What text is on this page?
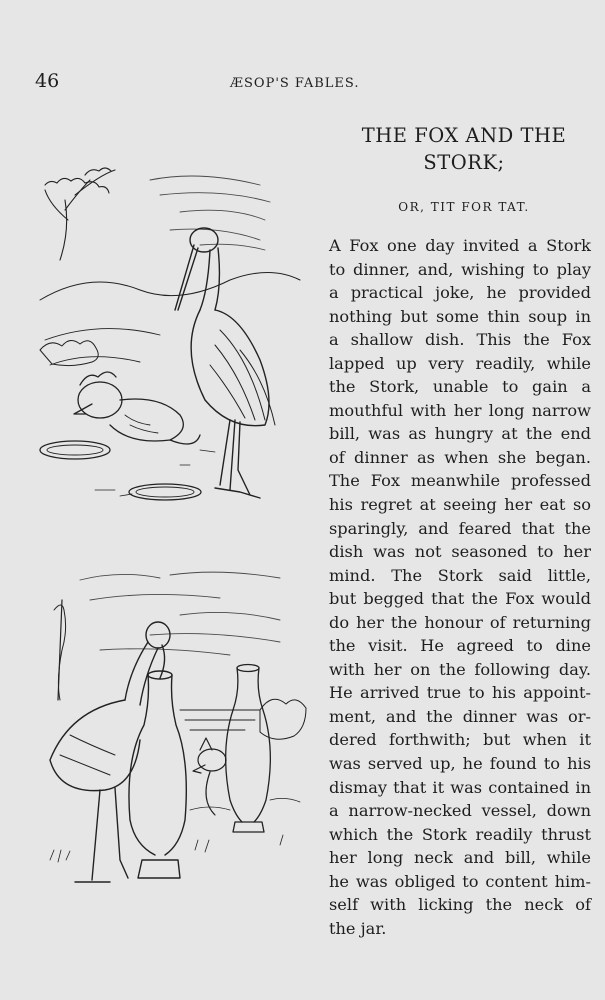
46	ÆSOP'S FABLES.
THE FOX AND THE
STORK;
OR, TIT FOR TAT.
A Fox one day invited a Stork
to dinner, and, wishing to play
a practical joke, he provided
nothing but some thin soup in
a shallow dish. This the Fox
lapped up very readily, while
the Stork, unable to gain a
mouthful with her long narrow
bill, was as hungry at the end
of dinner as when she began.
The Fox meanwhile professed
his regret at seeing her eat so
sparingly, and feared that the
dish was not seasoned to her
mind. The Stork said little,
but begged that the Fox would
do her the honour of returning
the visit. He agreed to dine
with her on the following day.
He arrived true to his appoint-
ment, and the dinner was or-
dered forthwith; but when it
was served up, he found to his
dismay that it was contained in
a narrow-necked vessel, down
which the Stork readily thrust
her long neck and bill, while
he was obliged to content him-
self with licking the neck of
the jar.
